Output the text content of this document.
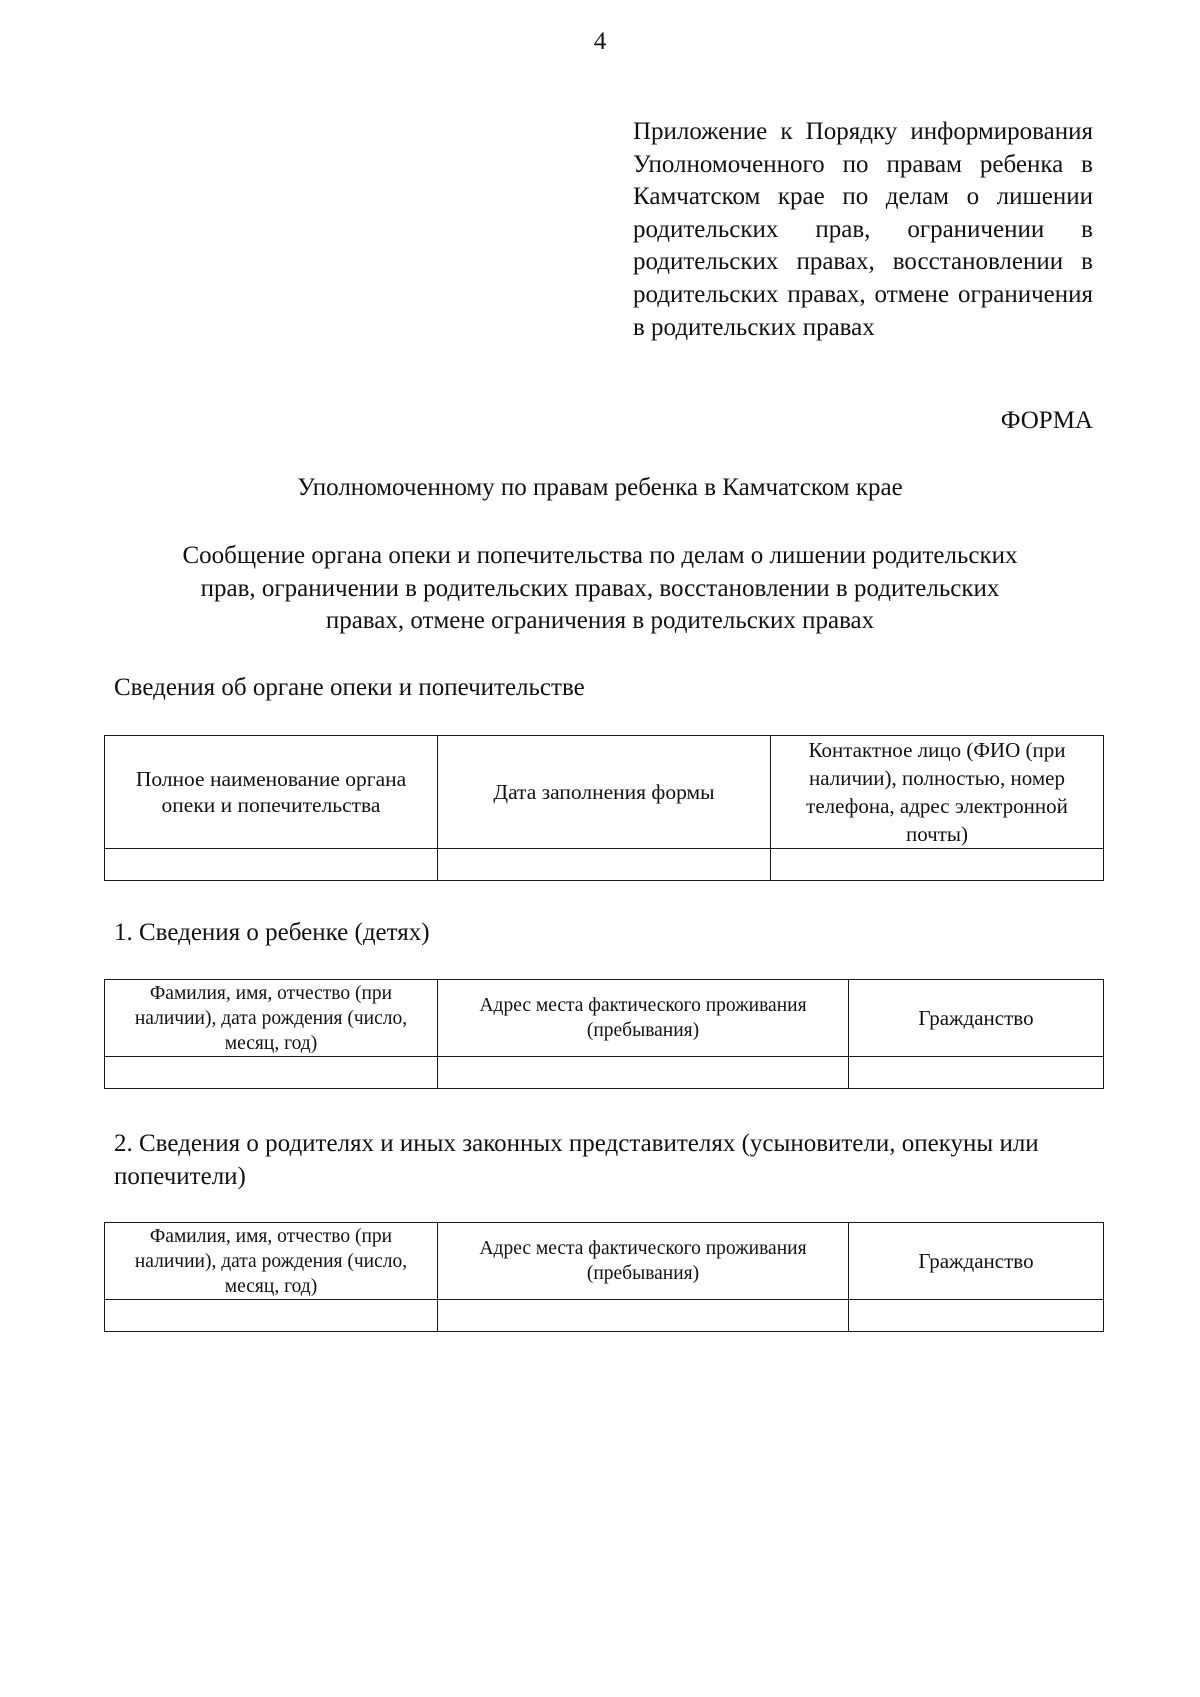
4
Приложение к Порядку информирования Уполномоченного по правам ребенка в Камчатском крае по делам о лишении родительских прав, ограничении в родительских правах, восстановлении в родительских правах, отмене ограничения в родительских правах
ФОРМА
Уполномоченному по правам ребенка в Камчатском крае
Сообщение органа опеки и попечительства по делам о лишении родительских
прав, ограничении в родительских правах, восстановлении в родительских
правах, отмене ограничения в родительских правах
Сведения об органе опеки и попечительстве
Полное наименование органа опеки и попечительства	Дата заполнения формы	Контактное лицо (ФИО (при наличии), полностью, номер телефона, адрес электронной почты)

1. Сведения о ребенке (детях)
Фамилия, имя, отчество (при наличии), дата рождения (число, месяц, год)	Адрес места фактического проживания (пребывания)	Гражданство

2. Сведения о родителях и иных законных представителях (усыновители, опекуны или попечители)
Фамилия, имя, отчество (при наличии), дата рождения (число, месяц, год)	Адрес места фактического проживания (пребывания)	Гражданство
